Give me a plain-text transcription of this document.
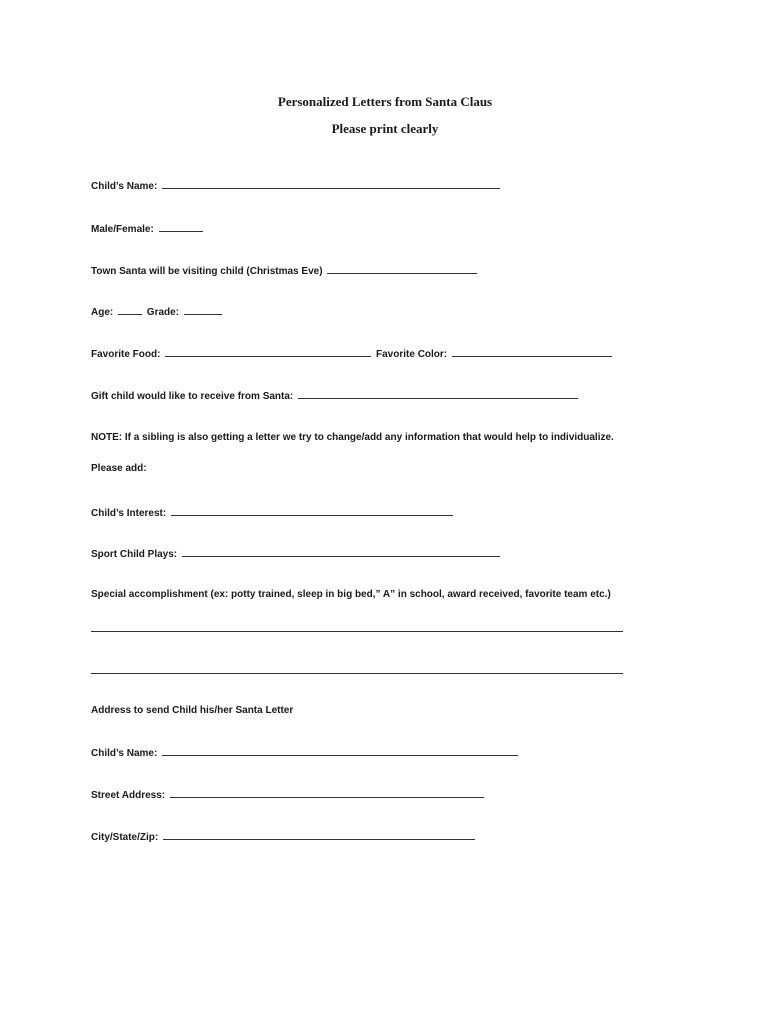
Personalized Letters from Santa Claus
Please print clearly
Child’s Name:
Male/Female:
Town Santa will be visiting child (Christmas Eve)
Age:	Grade:
Favorite Food:	Favorite Color:
Gift child would like to receive from Santa:
NOTE: If a sibling is also getting a letter we try to change/add any information that would help to individualize.
Please add:
Child’s Interest:
Sport Child Plays:
Special accomplishment (ex: potty trained, sleep in big bed,” A” in school, award received, favorite team etc.)
Address to send Child his/her Santa Letter
Child’s Name:
Street Address:
City/State/Zip:
